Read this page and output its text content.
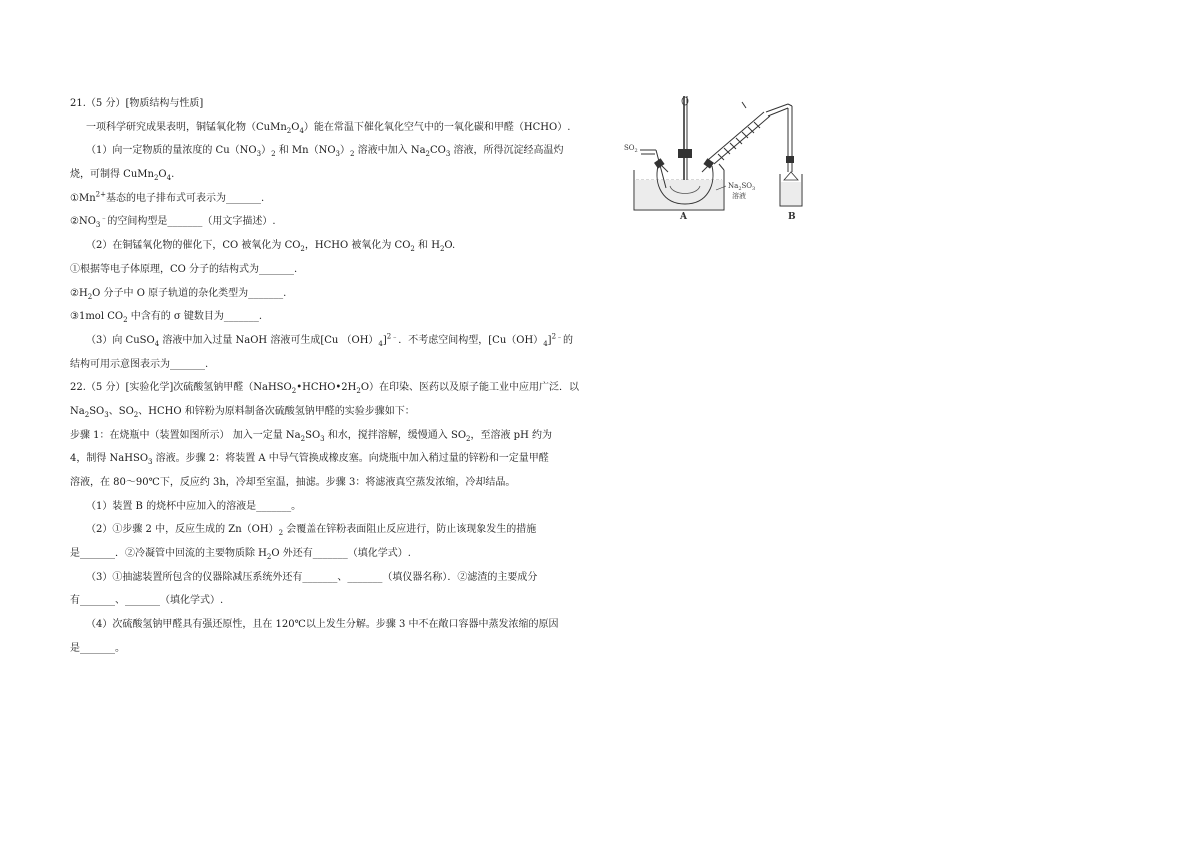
21.（5 分）[物质结构与性质]
一项科学研究成果表明，铜锰氧化物$(CuMn_2O_4)$能在常温下催化氧化空气中的一氧化碳和甲醛（HCHO）.
（1）向一定物质的量浓度的 $Cu(NO_3)_2$ 和 $Mn(NO_3)_2$ 溶液中加入 $Na_2CO_3$ 溶液，所得沉淀经高温灼
烧，可制得 $CuMn_2O_4$.
$①Mn^{2+}$基态的电子排布式可表示为_______.
$②NO_3^﹣$的空间构型是_______（用文字描述）.
（2）在铜锰氧化物的催化下，CO 被氧化为 $CO_2$，HCHO 被氧化为 $CO_2$ 和 $H_2O$.
①根据等电子体原理，CO 分子的结构式为_______.
$②H_2O$ 分子中 O 原子轨道的杂化类型为_______.
③1mol $CO_2$ 中含有的 σ 键数目为_______.
（3）向 CuSO$_4$ 溶液中加入过量 NaOH 溶液可生成[Cu $(OH)_4]^{2﹣}$．不考虑空间构型，$[Cu(OH)_4]^{2﹣}$的
结构可用示意图表示为_______.
22.（5 分）[实验化学]次硫酸氢钠甲醛$(NaHSO_2•HCHO•2H_2O)$在印染、医药以及原子能工业中应用广泛．以
$Na_2SO_3$、$SO_2$、HCHO 和锌粉为原料制备次硫酸氢钠甲醛的实验步骤如下：
步骤 1：在烧瓶中（装置如图所示） 加入一定量 $Na_2SO_3$ 和水，搅拌溶解，缓慢通入 $SO_2$，至溶液 pH 约为
4，制得 NaHSO$_3$ 溶液。步骤 2：将装置 A 中导气管换成橡皮塞。向烧瓶中加入稍过量的锌粉和一定量甲醛
溶液，在 80～90℃下，反应约 3h，冷却至室温，抽滤。步骤 3：将滤液真空蒸发浓缩，冷却结晶。
（1）装置 B 的烧杯中应加入的溶液是_______。
（2）①步骤 2 中，反应生成的 $Zn(OH)_2$ 会覆盖在锌粉表面阻止反应进行，防止该现象发生的措施
是_______．②冷凝管中回流的主要物质除 $H_2O$ 外还有_______（填化学式）.
（3）①抽滤装置所包含的仪器除减压系统外还有_______、_______（填仪器名称）．②滤渣的主要成分
有_______、_______（填化学式）.
（4）次硫酸氢钠甲醛具有强还原性，且在 120℃以上发生分解。步骤 3 中不在敞口容器中蒸发浓缩的原因
是_______。
$SO_2$
$Na_2SO_3$
溶液
A	B
